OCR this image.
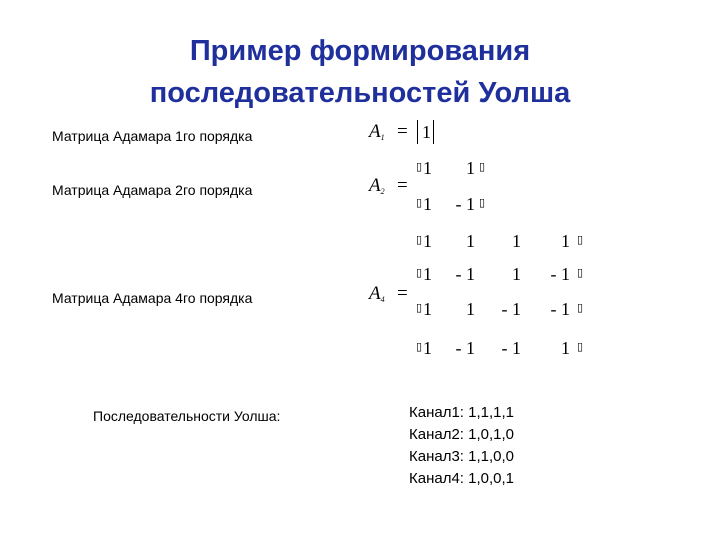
Пример формирования
последовательностей Уолша
Матрица Адамара 1го порядка	$A_1 = 1$
Матрица Адамара 2го порядка	$A_2$ =
▯ 1	1 ▯
▯ 1	- 1 ▯
Матрица Адамара 4го порядка	$A_4$ =
▯ 1	1	1	1 ▯
▯ 1	- 1	1	- 1 ▯
▯ 1	1	- 1	- 1 ▯
▯ 1	- 1	- 1	1 ▯
Последовательности Уолша:	Канал1: 1,1,1,1
Канал2: 1,0,1,0
Канал3: 1,1,0,0
Канал4: 1,0,0,1
